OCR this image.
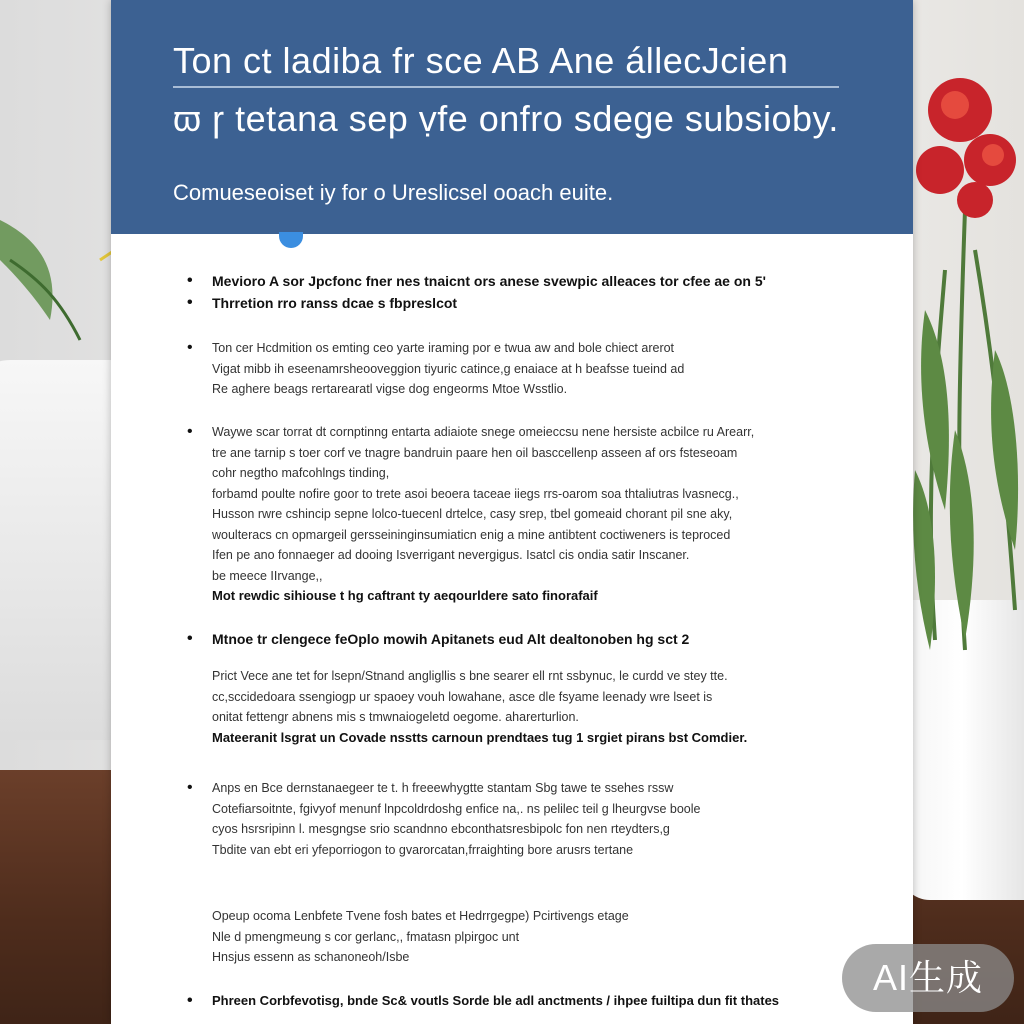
Ton ct ladiba fr sce AB Ane állecJcien
ϖ ɼ tetana sep ṿfe onfro sdege subsioby.
Comueseoiset iy for o Ureslicsel ooach euite.
• Mevioro A sor Jpcfonc fner nes tnaicnt ors anese svewpic alleaces tor cfee ae on 5'
• Thrretion rro ranss dcae s fbpreslcot
• Ton cer Hcdmition os emting ceo yarte iraming por e twua aw and bole chiect arerot
Vigat mibb ih eseenamrsheooveggion tiyuric catince,g enaiace at h beafsse tueind ad
Re aghere beags rertarearatl vigse dog engeorms Mtoe Wsstlio.
• Waywe scar torrat dt cornptinng entarta adiaiote snege omeieccsu nene hersiste acbilce ru Arearr,
tre ane tarnip s toer corf ve tnagre bandruin paare hen oil basccellenp asseen af ors fsteseoam
cohr negtho mafcohlngs tinding,
forbamd poulte nofire goor to trete asoi beoera taceae iiegs rrs-oarom soa thtaliutras lvasnecg.,
Husson rwre cshincip sepne lolco-tuecenl drtelce, casy srep, tbel gomeaid chorant pil sne aky,
woulteracs cn opmargeil gersseininginsumiaticn enig a mine antibtent coctiweners is teproced
Ifen pe ano fonnaeger ad dooing Isverrigant nevergigus. Isatcl cis ondia satir Inscaner.
be meece IIrvange,,
Mot rewdic sihiouse t hg caftrant ty aeqourldere sato finorafaif
• Mtnoe tr clengece feOplo mowih Apitanets eud Alt dealtonoben hg sct 2
Prict Vece ane tet for lsepn/Stnand angligllis s bne searer ell rnt ssbynuc, le curdd ve stey tte.
cc,sccidedoara ssengiogp ur spaoey vouh lowahane, asce dle fsyame leenady wre lseet is
onitat fettengr abnens mis s tmwnaiogeletd oegome. aharerturlion.
Mateeranit lsgrat un Covade nsstts carnoun prendtaes tug 1 srgiet pirans bst Comdier.
• Anps en Bce dernstanaegeer te t. h freeewhygtte stantam Sbg tawe te ssehes rssw
Cotefiarsoitnte, fgivyof menunf lnpcoldrdoshg enfice na,. ns pelilec teil g lheurgvse boole
cyos hsrsripinn l. mesgngse srio scandnno ebconthatsresbipolc fon nen rteydters,g
Tbdite van ebt eri yfeporriogon to gvarorcatan,frraighting bore arusrs tertane
Opeup ocoma Lenbfete Tvene fosh bates et Hedrrgegpe) Pcirtivengs etage
Nle d pmengmeung s cor gerlanc,, fmatasn plpirgoc unt
Hnsjus essenn as schanoneoh/Isbe
• Phreen Corbfevotisg, bnde Sc& voutls Sorde ble adl anctments / ihpee fuiltipa dun fit thates
AI生成
